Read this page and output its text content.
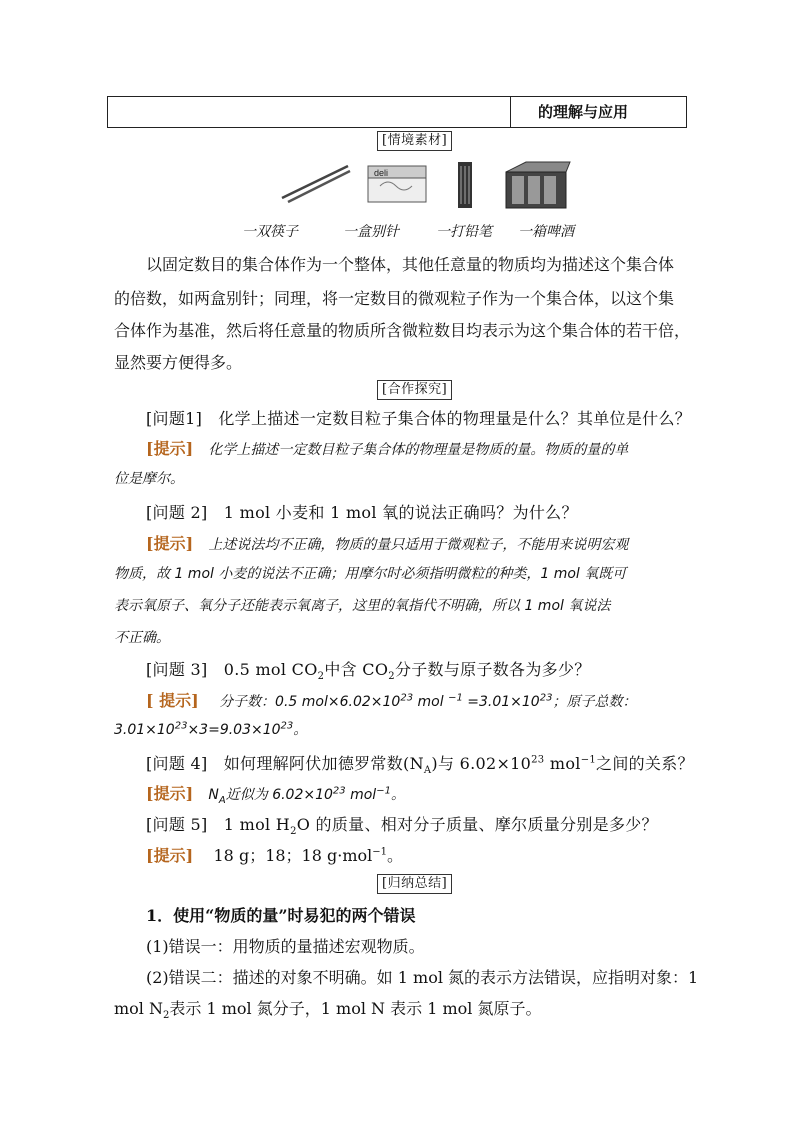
的理解与应用
[ 情境素材 ]
deli
一双筷子	一盒别针	一打铅笔 一箱啤酒
以固定数目的集合体作为一个整体，其他任意量的物质均为描述这个集合体
的倍数，如两盒别针；同理，将一定数目的微观粒子作为一个集合体，以这个集
合体作为基准，然后将任意量的物质所含微粒数目均表示为这个集合体的若干倍，
显然要方便得多。
[ 合作探究 ]
[问题1] 化学上描述一定数目粒子集合体的物理量是什么？其单位是什么？
[提示] 化学上描述一定数目粒子集合体的物理量是物质的量。物质的量的单
位是摩尔。
[问题 2] 1 mol 小麦和 1 mol 氧的说法正确吗？为什么？
[提示] 上述说法均不正确，物质的量只适用于微观粒子，不能用来说明宏观
物质，故 1 mol 小麦的说法不正确；用摩尔时必须指明微粒的种类，1 mol 氧既可
表示氧原子、氧分子还能表示氧离子，这里的氧指代不明确，所以 1 mol 氧说法
不正确。
[问题 3] 0.5 mol $CO_2$中含 $CO_2$分子数与原子数各为多少？
[ 提示] 分子数：0.5 $mol\times 6.02\times 10^{23}$ mol $^{-1} =3.01\times 10^{23}$；原子总数：
$3.01\times 10^{23}\times 3=9.03\times 10^{23}$。
[问题 4] 如何理解阿伏加德罗常数$(N_A)$与 $6.02\times 10^{23}$ mol$^{-1}$之间的关系？
[提示] $N_A$近似为 $6.02\times 10^{23}$ mol$^{-1}$。
[问题 5] 1 mol $H_2O$ 的质量、相对分子质量、摩尔质量分别是多少？
[提示] 18 g；18；18 g·mol$^{-1}$。
[ 归纳总结 ]
1．使用“物质的量”时易犯的两个错误
(1)错误一：用物质的量描述宏观物质。
(2)错误二：描述的对象不明确。如 1 mol 氮的表示方法错误，应指明对象：1
mol $N_2$表示 1 mol 氮分子，1 mol N 表示 1 mol 氮原子。
